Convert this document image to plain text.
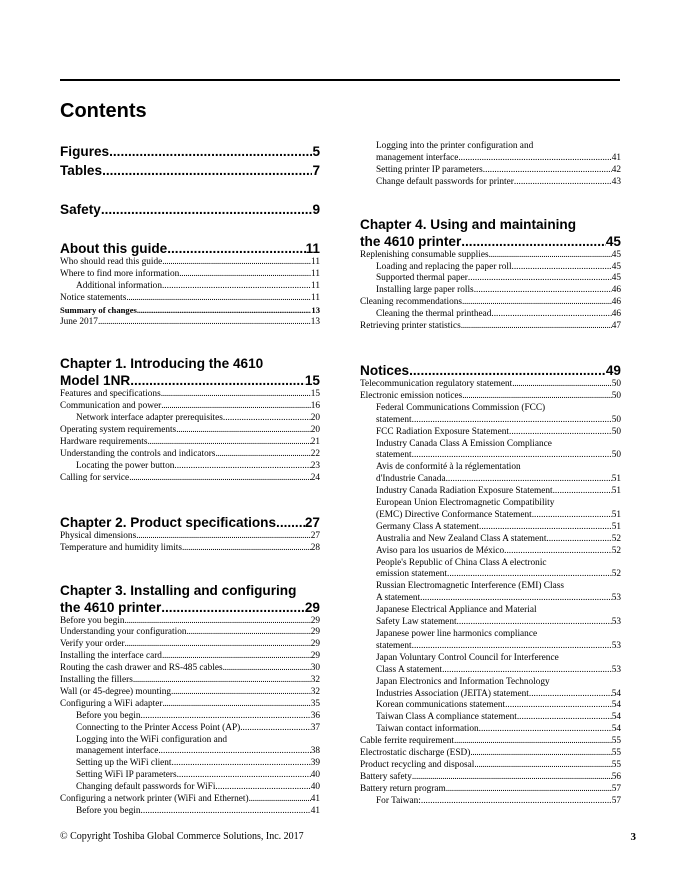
Contents
Figures .....	5
Tables .....	7
Safety .....	9
About this guide .....	11
Who should read this guide .....	11
Where to find more information .....	11
Additional information .....	11
Notice statements .....	11
Summary of changes .....	13
June 2017 .....	13
Chapter 1. Introducing the 4610
Model 1NR .....	15
Features and specifications .....	15
Communication and power .....	16
Network interface adapter prerequisites .....	20
Operating system requirements .....	20
Hardware requirements .....	21
Understanding the controls and indicators .....	22
Locating the power button .....	23
Calling for service .....	24
Chapter 2. Product specifications ..... 27
Physical dimensions .....	27
Temperature and humidity limits .....	28
Chapter 3. Installing and configuring
the 4610 printer .....	29
Before you begin .....	29
Understanding your configuration .....	29
Verify your order .....	29
Installing the interface card .....	29
Routing the cash drawer and RS-485 cables .....	30
Installing the fillers .....	32
Wall (or 45-degree) mounting .....	32
Configuring a WiFi adapter .....	35
Before you begin .....	36
Connecting to the Printer Access Point (AP) .....	37
Logging into the WiFi configuration and
management interface .....	38
Setting up the WiFi client .....	39
Setting WiFi IP parameters .....	40
Changing default passwords for WiFi .....	40
Configuring a network printer (WiFi and Ethernet) .....	41
Before you begin .....	41
Logging into the printer configuration and
management interface .....	41
Setting printer IP parameters .....	42
Change default passwords for printer .....	43
Chapter 4. Using and maintaining
the 4610 printer .....	45
Replenishing consumable supplies .....	45
Loading and replacing the paper roll .....	45
Supported thermal paper .....	45
Installing large paper rolls .....	46
Cleaning recommendations .....	46
Cleaning the thermal printhead .....	46
Retrieving printer statistics .....	47
Notices .....	49
Telecommunication regulatory statement .....	50
Electronic emission notices .....	50
Federal Communications Commission (FCC)
statement .....	50
FCC Radiation Exposure Statement .....	50
Industry Canada Class A Emission Compliance
statement .....	50
Avis de conformité à la réglementation
d'Industrie Canada .....	51
Industry Canada Radiation Exposure Statement .....	51
European Union Electromagnetic Compatibility
(EMC) Directive Conformance Statement .....	51
Germany Class A statement .....	51
Australia and New Zealand Class A statement .....	52
Aviso para los usuarios de México .....	52
People's Republic of China Class A electronic
emission statement .....	52
Russian Electromagnetic Interference (EMI) Class
A statement .....	53
Japanese Electrical Appliance and Material
Safety Law statement .....	53
Japanese power line harmonics compliance
statement .....	53
Japan Voluntary Control Council for Interference
Class A statement .....	53
Japan Electronics and Information Technology
Industries Association (JEITA) statement .....	54
Korean communications statement .....	54
Taiwan Class A compliance statement .....	54
Taiwan contact information .....	54
Cable ferrite requirement .....	55
Electrostatic discharge (ESD) .....	55
Product recycling and disposal .....	55
Battery safety .....	56
Battery return program .....	57
For Taiwan: .....	57
© Copyright Toshiba Global Commerce Solutions, Inc. 2017	3
